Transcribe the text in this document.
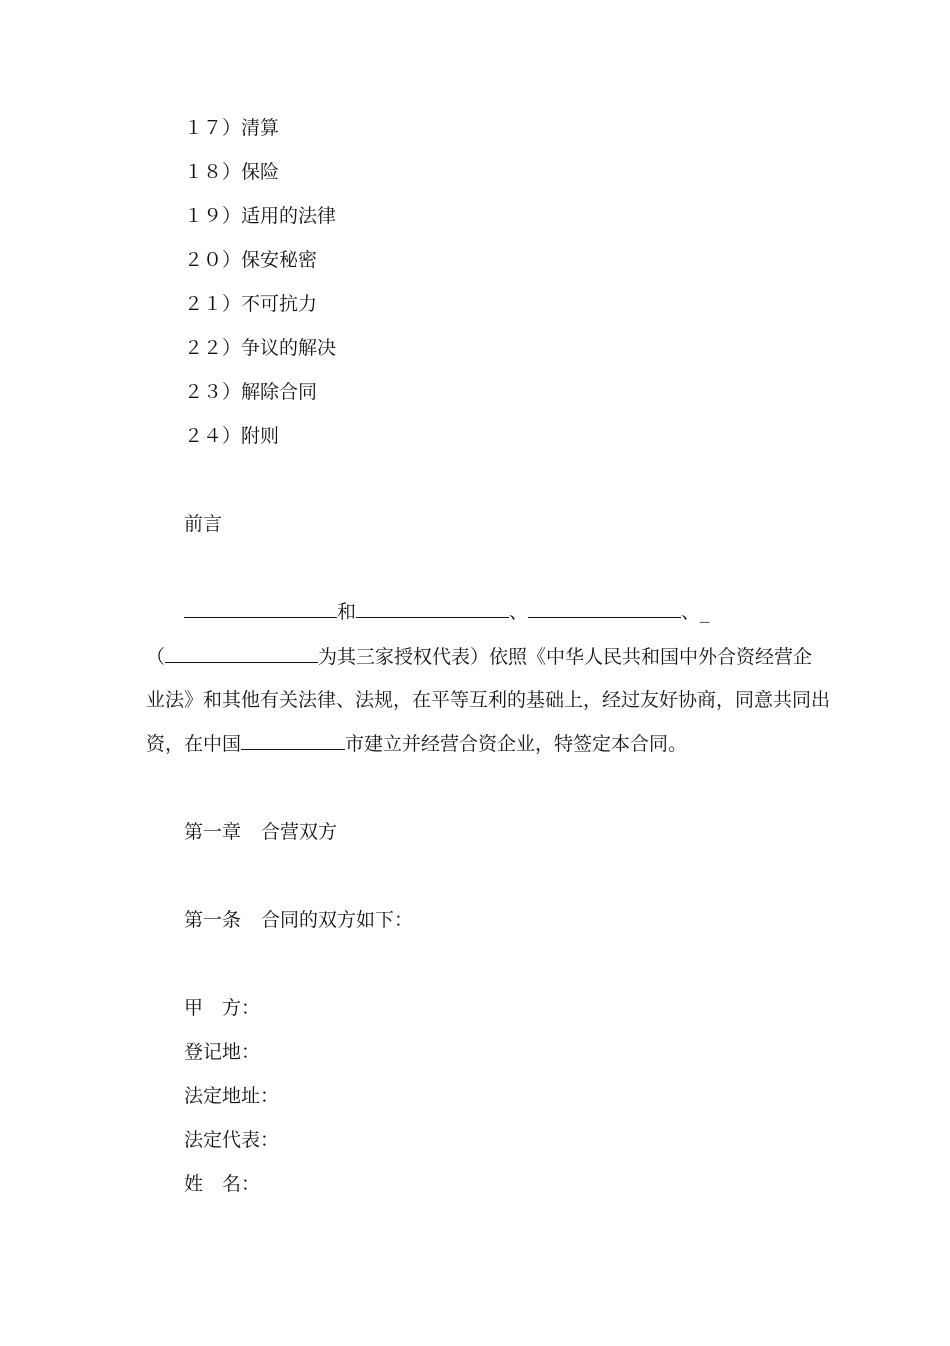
１７）清算
１８）保险
１９）适用的法律
２０）保安秘密
２１）不可抗力
２２）争议的解决
２３）解除合同
２４）附则
前言
和	、	、_
（	为其三家授权代表）依照《中华人民共和国中外合资经营企
业法》和其他有关法律、法规，在平等互利的基础上，经过友好协商，同意共同出
资，在中国	市建立并经营合资企业，特签定本合同。
第一章 合营双方
第一条 合同的双方如下：
甲　方：
登记地：
法定地址：
法定代表：
姓　名：
